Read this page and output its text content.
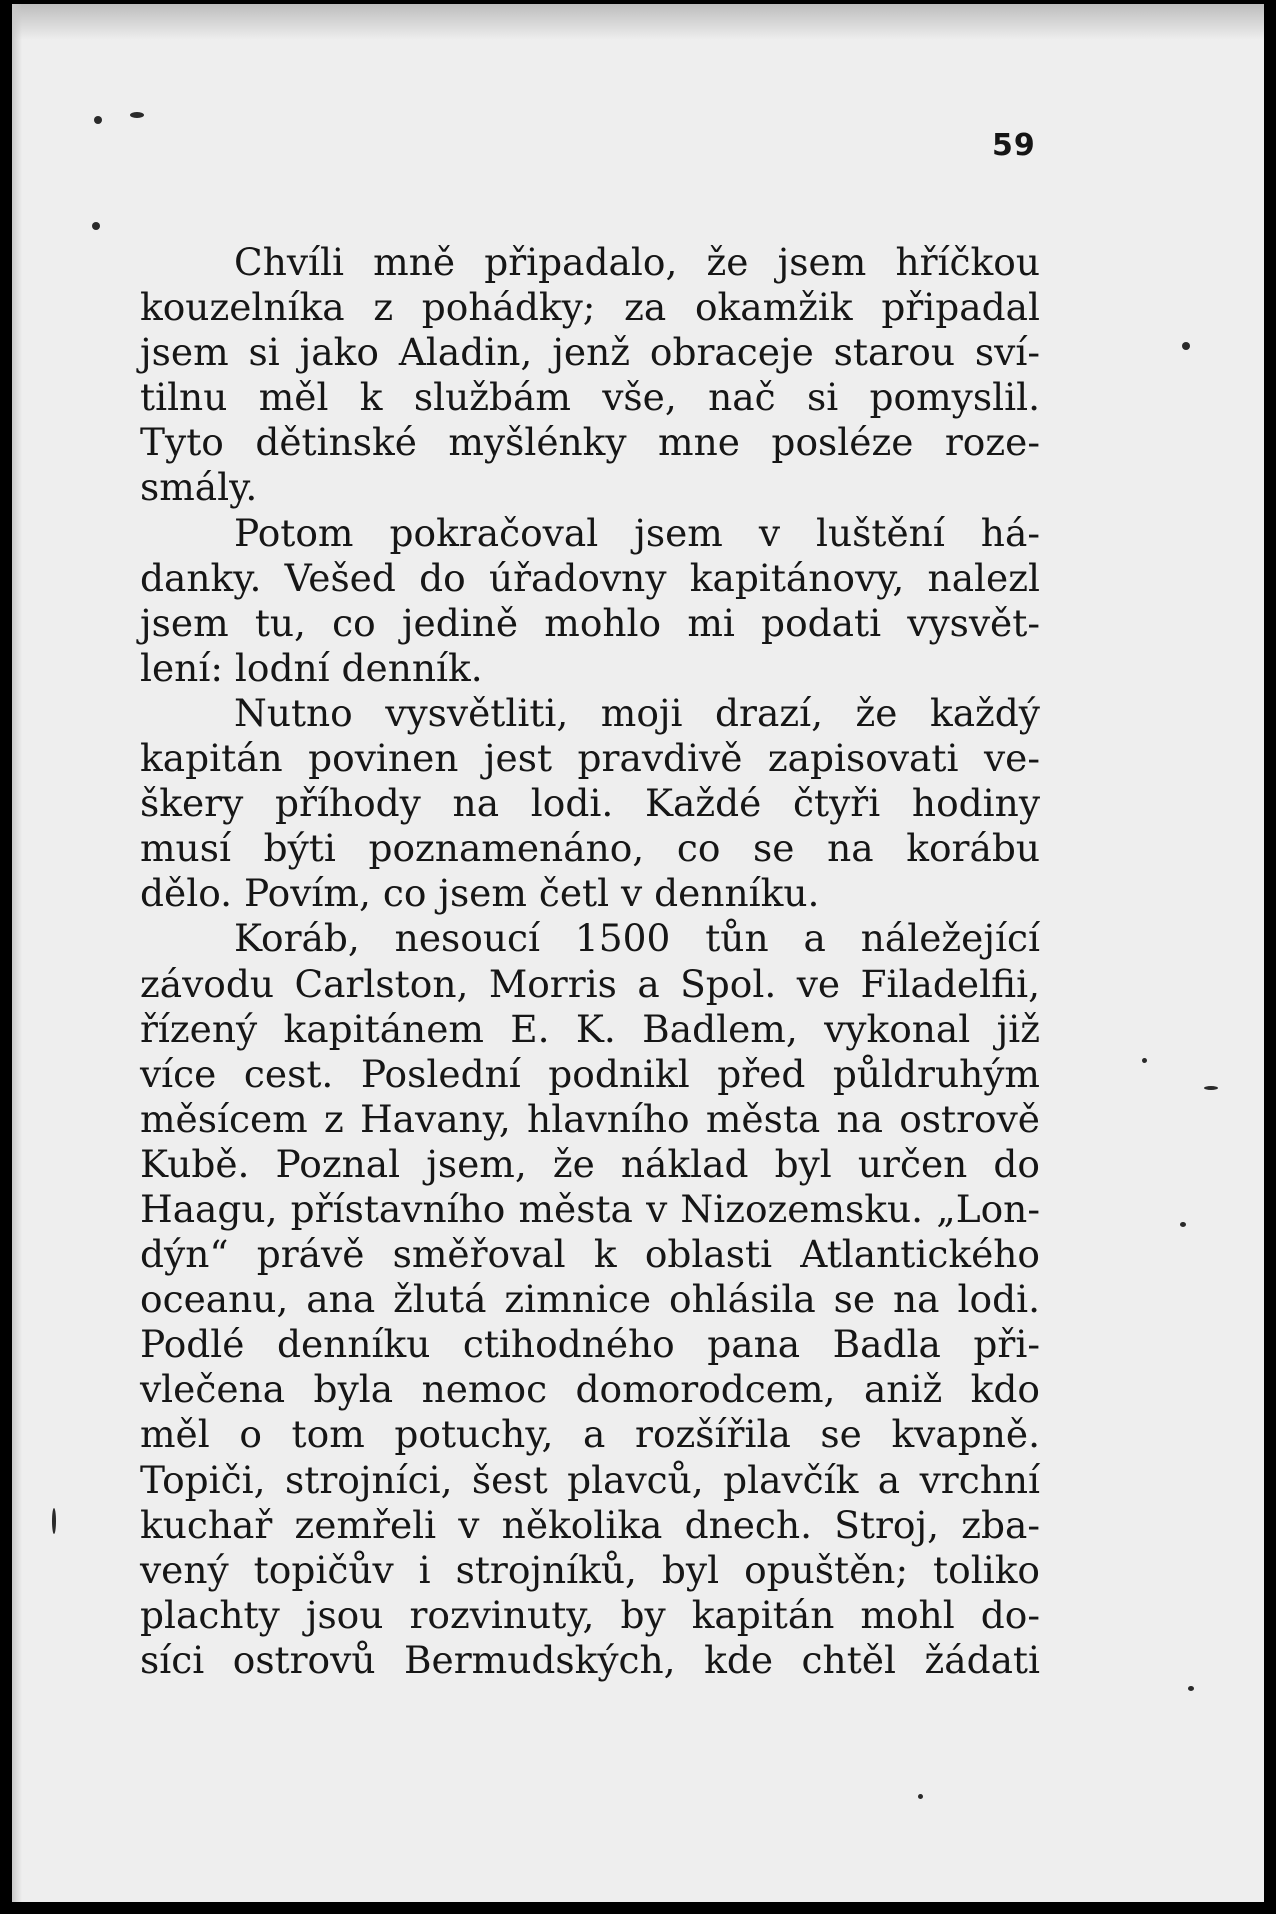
59
Chvíli mně připadalo, že jsem hříčkou
kouzelníka z pohádky; za okamžik připadal
jsem si jako Aladin, jenž obraceje starou sví-
tilnu měl k službám vše, nač si pomyslil.
Tyto dětinské myšlénky mne posléze roze-
smály.
Potom pokračoval jsem v luštění há-
danky. Vešed do úřadovny kapitánovy, nalezl
jsem tu, co jedině mohlo mi podati vysvět-
lení: lodní denník.
Nutno vysvětliti, moji drazí, že každý
kapitán povinen jest pravdivě zapisovati ve-
škery příhody na lodi. Každé čtyři hodiny
musí býti poznamenáno, co se na korábu
dělo. Povím, co jsem četl v denníku.
Koráb, nesoucí 1500 tůn a náležející
závodu Carlston, Morris a Spol. ve Filadelfii,
řízený kapitánem E. K. Badlem, vykonal již
více cest. Poslední podnikl před půldruhým
měsícem z Havany, hlavního města na ostrově
Kubě. Poznal jsem, že náklad byl určen do
Haagu, přístavního města v Nizozemsku. „Lon-
dýn“ právě směřoval k oblasti Atlantického
oceanu, ana žlutá zimnice ohlásila se na lodi.
Podlé denníku ctihodného pana Badla při-
vlečena byla nemoc domorodcem, aniž kdo
měl o tom potuchy, a rozšířila se kvapně.
Topiči, strojníci, šest plavců, plavčík a vrchní
kuchař zemřeli v několika dnech. Stroj, zba-
vený topičův i strojníků, byl opuštěn; toliko
plachty jsou rozvinuty, by kapitán mohl do-
síci ostrovů Bermudských, kde chtěl žádati
